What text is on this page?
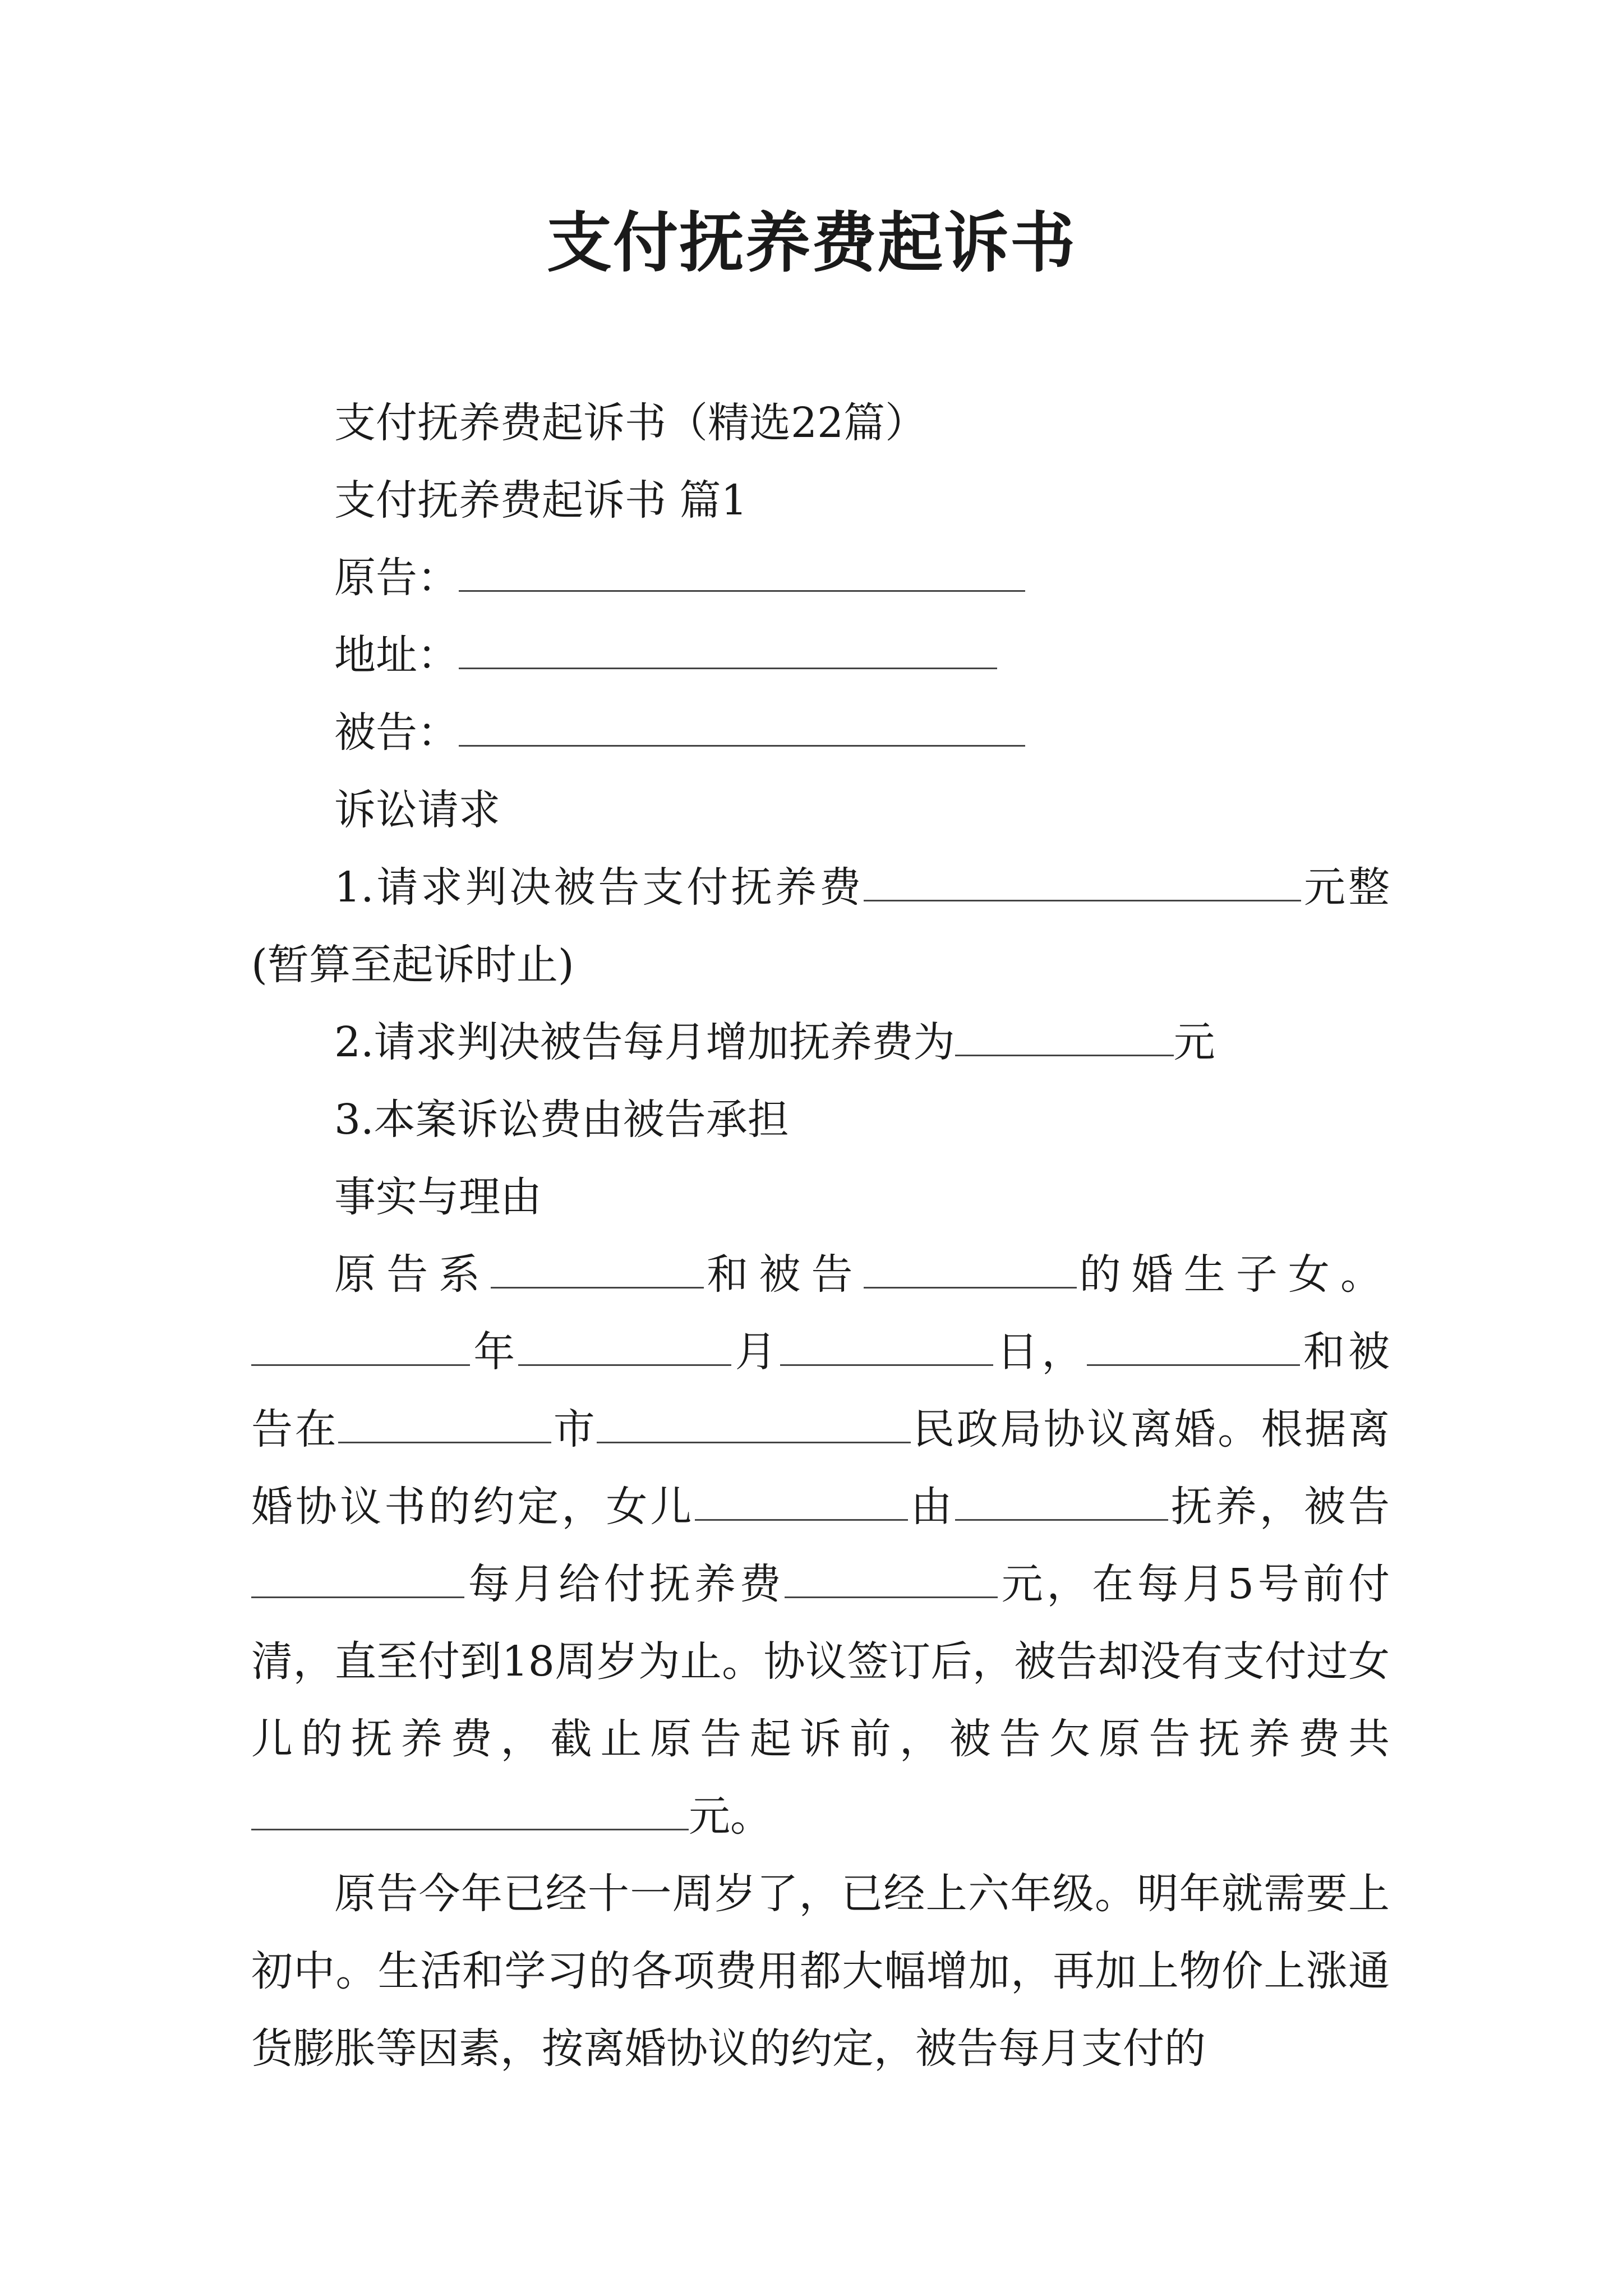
支付抚养费起诉书

支付抚养费起诉书（精选22篇）

支付抚养费起诉书 篇1

原告：

地址：

被告：

诉讼请求

1.请求判决被告支付抚养费	元整(暂算至起诉时止)

2.请求判决被告每月增加抚养费为	元

3.本案诉讼费由被告承担

事实与理由

原告系	和被告	的婚生子女。年	月	日，	和被告在	市	民政局协议离婚。根据离婚协议书的约定，女儿	由	抚养，被告每月给付抚养费	元，在每月5号前付清，直至付到18周岁为止。协议签订后，被告却没有支付过女儿的抚养费，截止原告起诉前，被告欠原告抚养费共元。

原告今年已经十一周岁了，已经上六年级。明年就需要上初中。生活和学习的各项费用都大幅增加，再加上物价上涨通货膨胀等因素，按离婚协议的约定，被告每月支付的
